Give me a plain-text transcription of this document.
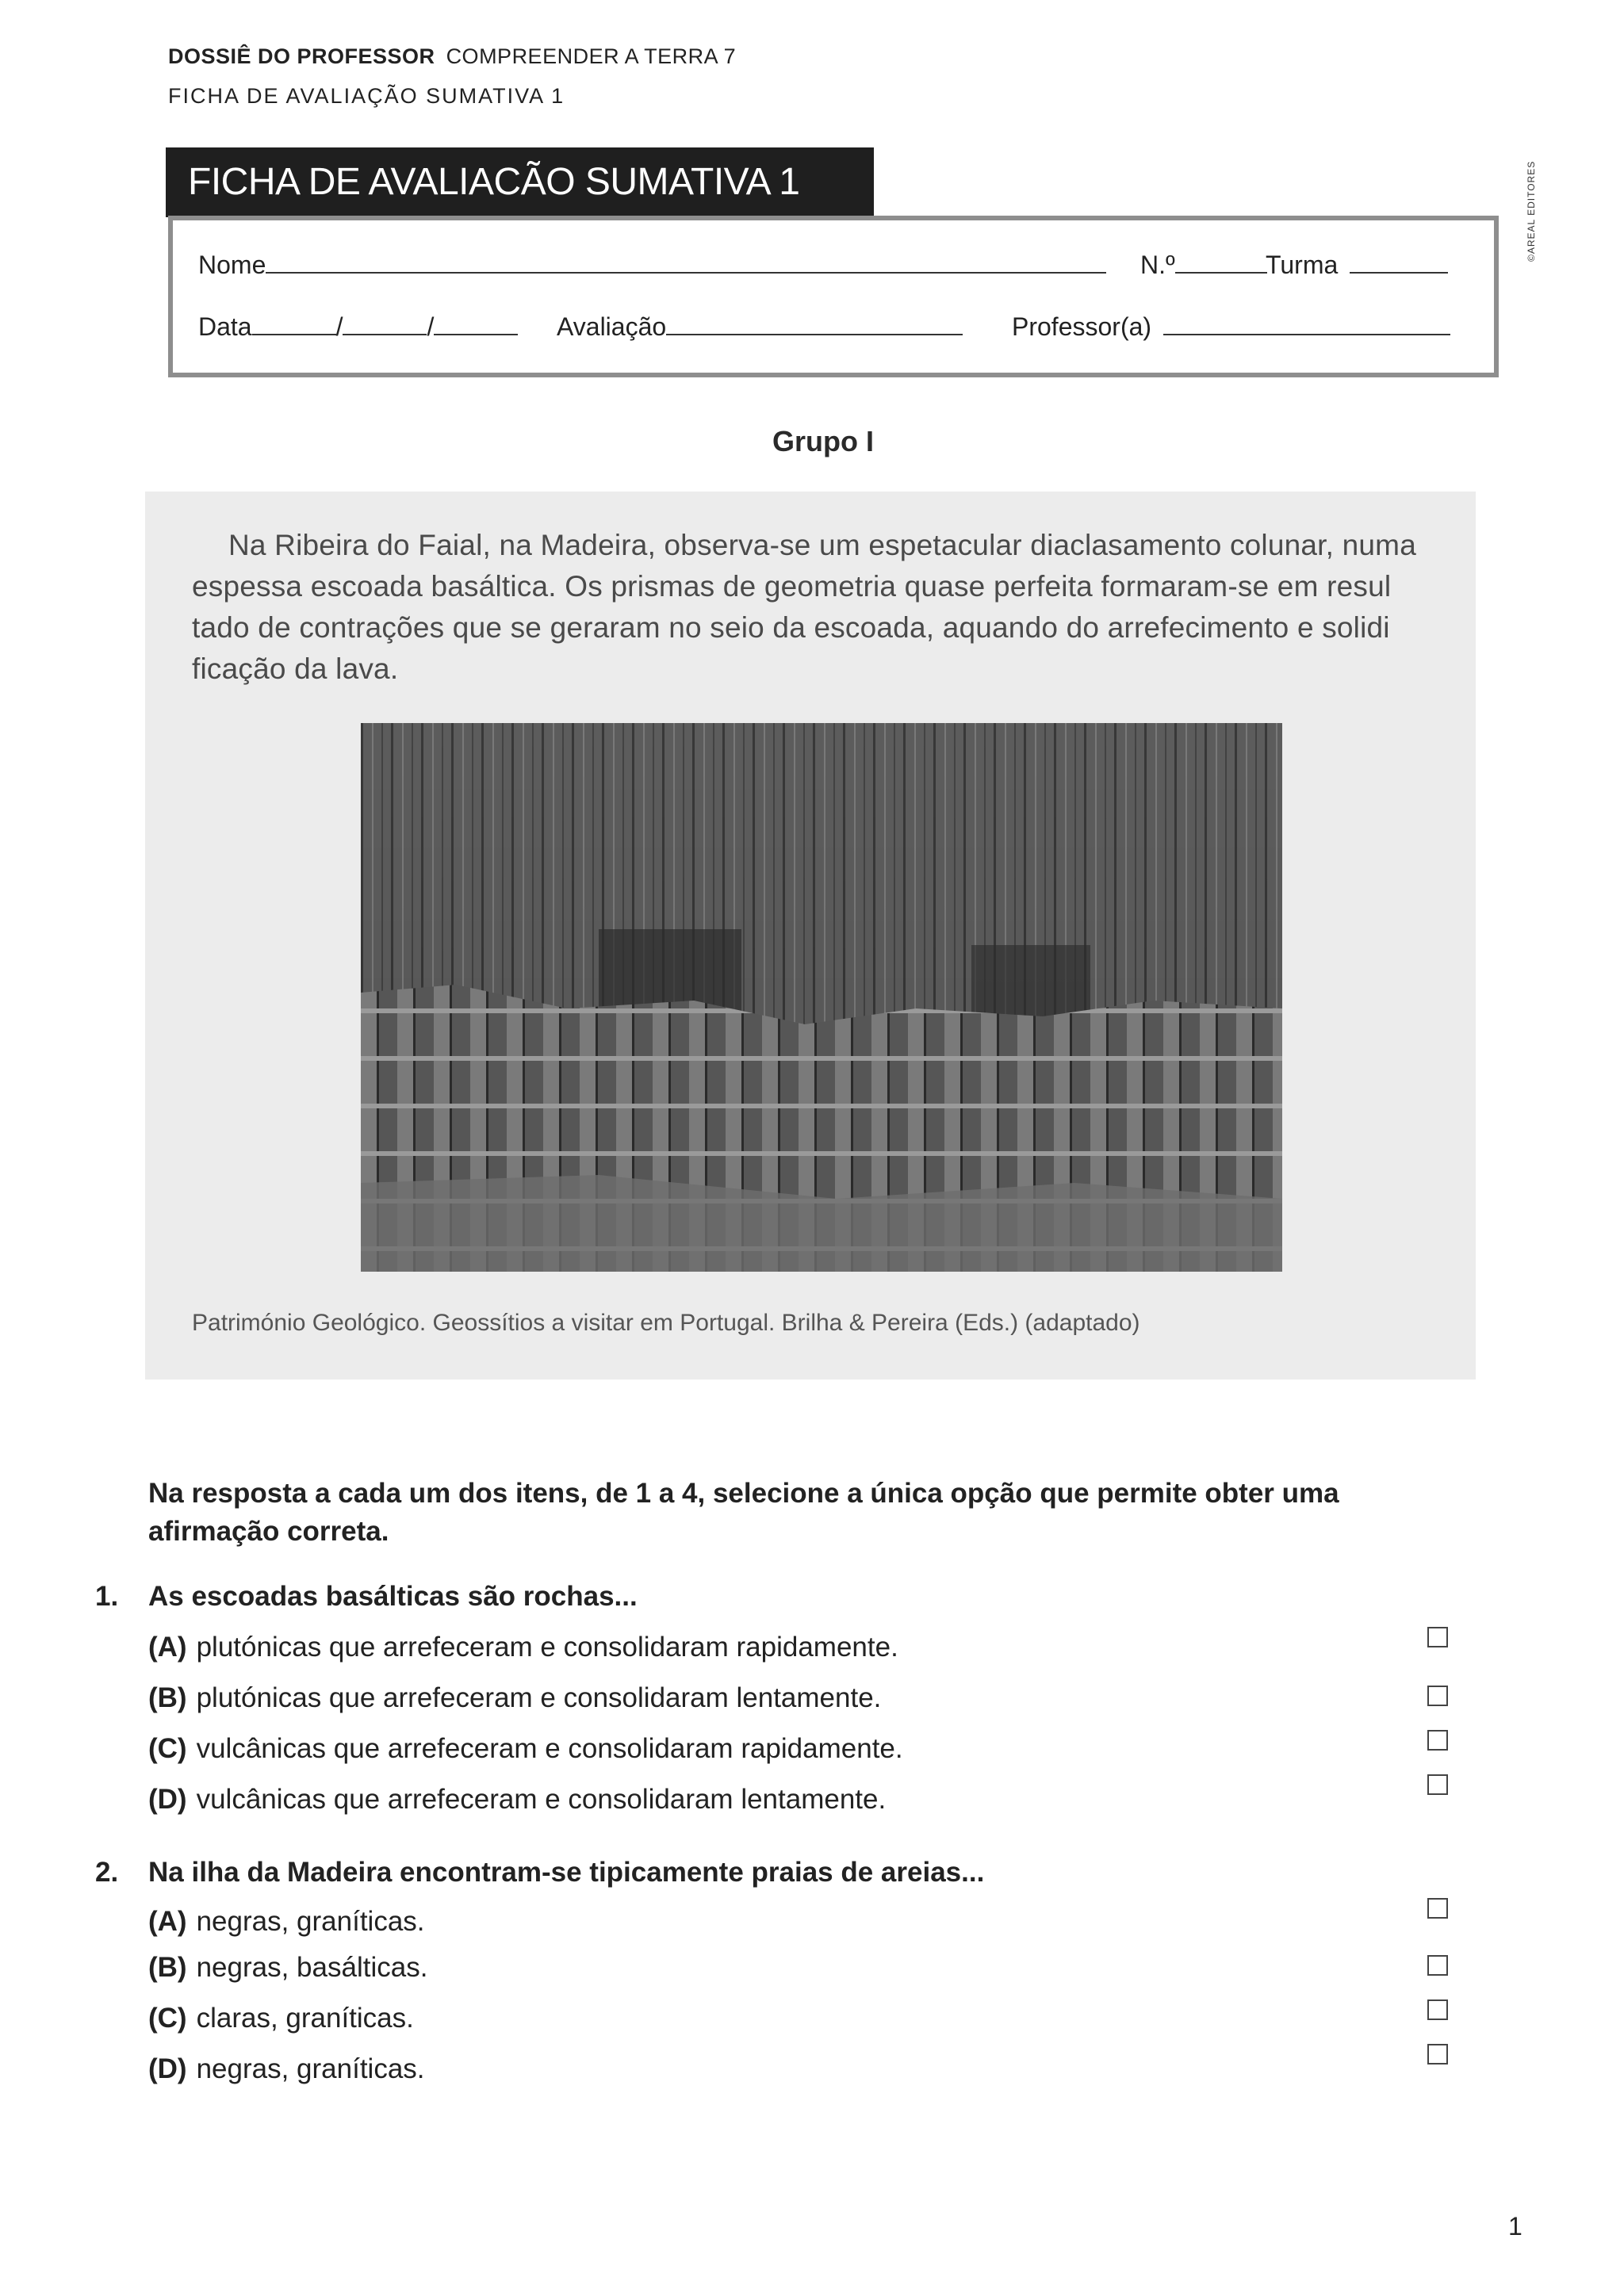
DOSSIÊ DO PROFESSOR COMPREENDER A TERRA 7
FICHA DE AVALIAÇÃO SUMATIVA 1
FICHA DE AVALIACÃO SUMATIVA 1
Nome	N.º	Turma
Data	/	/	Avaliação	Professor(a)
©AREAL EDITORES
Grupo I
Na Ribeira do Faial, na Madeira, observa-se um espetacular diaclasamento colunar, numa espessa escoada basáltica. Os prismas de geometria quase perfeita formaram-se em resul tado de contrações que se geraram no seio da escoada, aquando do arrefecimento e solidi ficação da lava.
Património Geológico. Geossítios a visitar em Portugal. Brilha & Pereira (Eds.) (adaptado)
Na resposta a cada um dos itens, de 1 a 4, selecione a única opção que permite obter uma afirmação correta.
1. As escoadas basálticas são rochas...
(A) plutónicas que arrefeceram e consolidaram rapidamente.
(B) plutónicas que arrefeceram e consolidaram lentamente.
(C) vulcânicas que arrefeceram e consolidaram rapidamente.
(D) vulcânicas que arrefeceram e consolidaram lentamente.
2. Na ilha da Madeira encontram-se tipicamente praias de areias...
(A) negras, graníticas.
(B) negras, basálticas.
(C) claras, graníticas.
(D) negras, graníticas.
1
